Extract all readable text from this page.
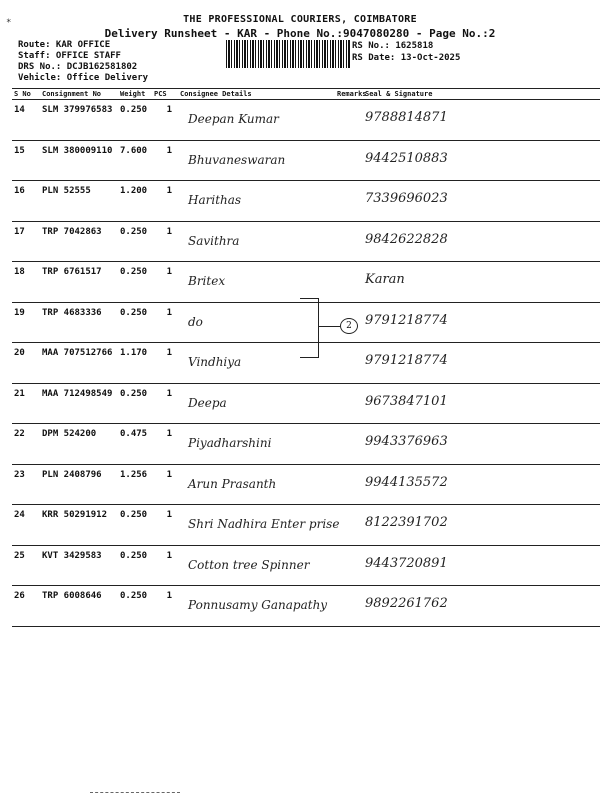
*	THE PROFESSIONAL COURIERS, COIMBATORE
Delivery Runsheet - KAR - Phone No.:9047080280 - Page No.:2
Route: KAR OFFICE
Staff: OFFICE STAFF
DRS No.: DCJB162581802
Vehicle: Office Delivery
RS No.: 1625818
RS Date: 13-Oct-2025
S No	Consignment No	Weight	PCS	Consignee Details	Remarks	Seal & Signature
14	SLM 379976583	0.250	1	Deepan Kumar		9788814871
15	SLM 380009110	7.600	1	Bhuvaneswaran		9442510883
16	PLN 52555	1.200	1	Harithas		7339696023
17	TRP 7042863	0.250	1	Savithra		9842622828
18	TRP 6761517	0.250	1	Britex		Karan
19	TRP 4683336	0.250	1	do		9791218774
20	MAA 707512766	1.170	1	Vindhiya		9791218774
21	MAA 712498549	0.250	1	Deepa		9673847101
22	DPM 524200	0.475	1	Piyadharshini		9943376963
23	PLN 2408796	1.256	1	Arun Prasanth		9944135572
24	KRR 50291912	0.250	1	Shri Nadhira Enter prise		8122391702
25	KVT 3429583	0.250	1	Cotton tree Spinner		9443720891
26	TRP 6008646	0.250	1	Ponnusamy Ganapathy		9892261762
2
